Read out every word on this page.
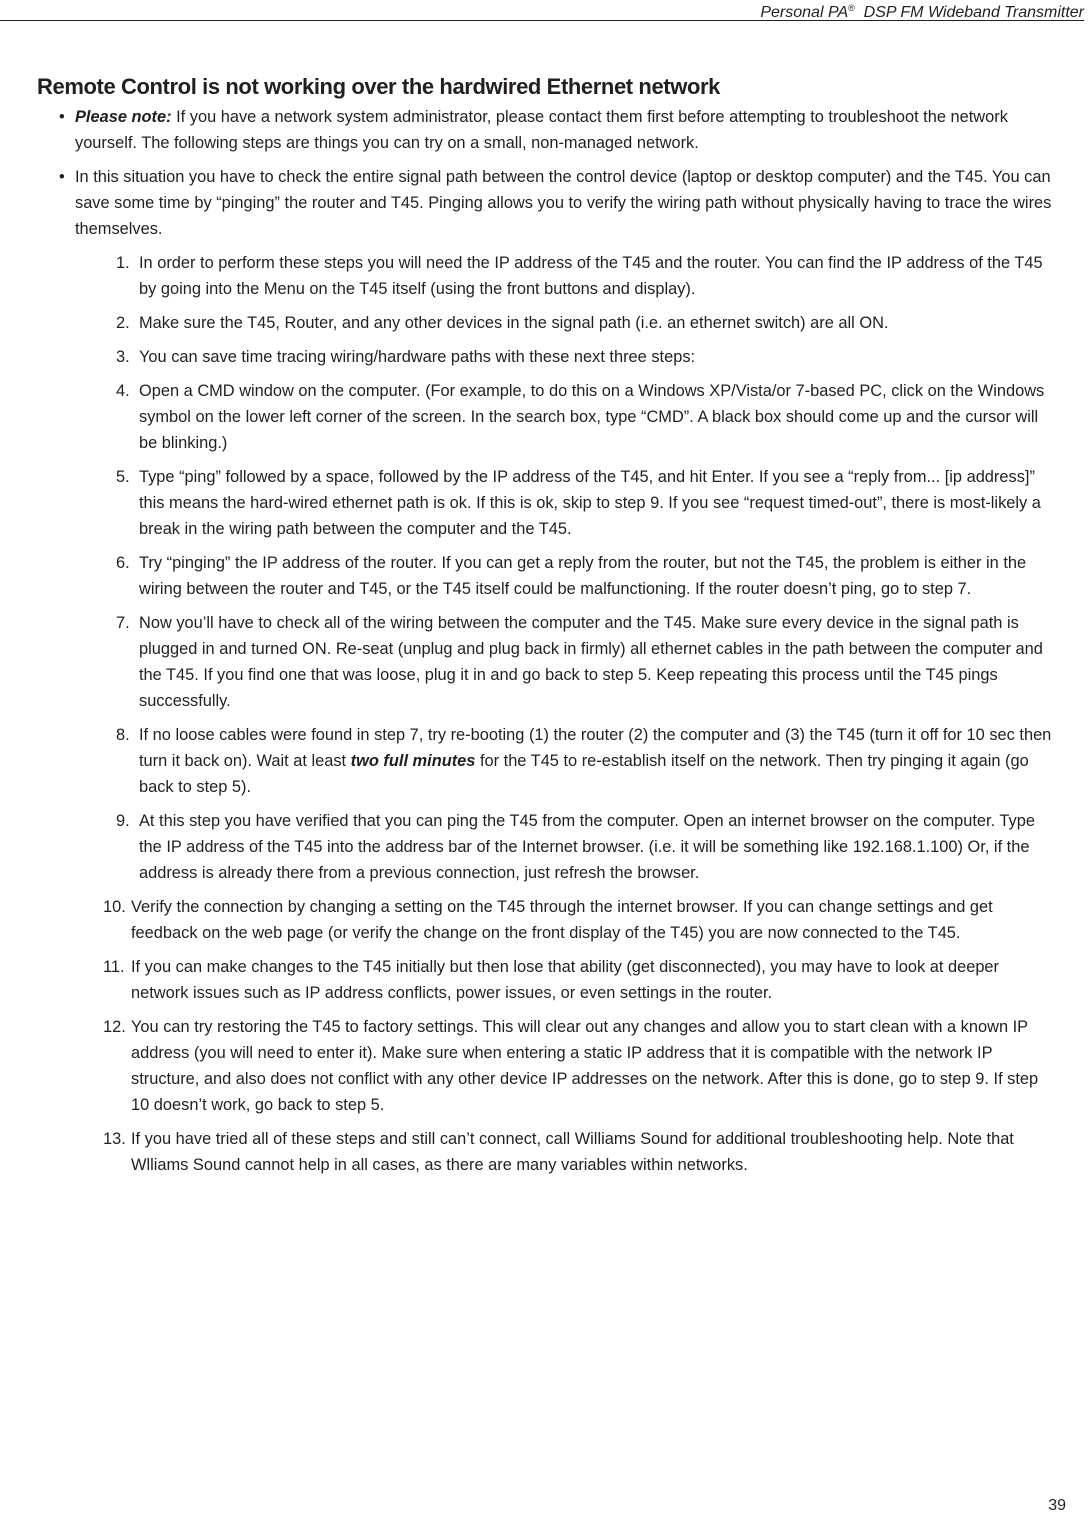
Personal PA® DSP FM Wideband Transmitter
Remote Control is not working over the hardwired Ethernet network
• Please note: If you have a network system administrator, please contact them first before attempting to troubleshoot the network yourself. The following steps are things you can try on a small, non-managed network.
• In this situation you have to check the entire signal path between the control device (laptop or desktop computer) and the T45. You can save some time by “pinging” the router and T45. Pinging allows you to verify the wiring path without physically having to trace the wires themselves.
1. In order to perform these steps you will need the IP address of the T45 and the router. You can find the IP address of the T45 by going into the Menu on the T45 itself (using the front buttons and display).
2. Make sure the T45, Router, and any other devices in the signal path (i.e. an ethernet switch) are all ON.
3. You can save time tracing wiring/hardware paths with these next three steps:
4. Open a CMD window on the computer. (For example, to do this on a Windows XP/Vista/or 7-based PC, click on the Windows symbol on the lower left corner of the screen. In the search box, type “CMD”. A black box should come up and the cursor will be blinking.)
5. Type “ping” followed by a space, followed by the IP address of the T45, and hit Enter. If you see a “reply from... [ip address]” this means the hard-wired ethernet path is ok. If this is ok, skip to step 9. If you see “request timed-out”, there is most-likely a break in the wiring path between the computer and the T45.
6. Try “pinging” the IP address of the router. If you can get a reply from the router, but not the T45, the problem is either in the wiring between the router and T45, or the T45 itself could be malfunctioning. If the router doesn’t ping, go to step 7.
7. Now you’ll have to check all of the wiring between the computer and the T45. Make sure every device in the signal path is plugged in and turned ON. Re-seat (unplug and plug back in firmly) all ethernet cables in the path between the computer and the T45. If you find one that was loose, plug it in and go back to step 5. Keep repeating this process until the T45 pings successfully.
8. If no loose cables were found in step 7, try re-booting (1) the router (2) the computer and (3) the T45 (turn it off for 10 sec then turn it back on). Wait at least two full minutes for the T45 to re-establish itself on the network. Then try pinging it again (go back to step 5).
9. At this step you have verified that you can ping the T45 from the computer. Open an internet browser on the computer. Type the IP address of the T45 into the address bar of the Internet browser. (i.e. it will be something like 192.168.1.100) Or, if the address is already there from a previous connection, just refresh the browser.
10. Verify the connection by changing a setting on the T45 through the internet browser. If you can change settings and get feedback on the web page (or verify the change on the front display of the T45) you are now connected to the T45.
11. If you can make changes to the T45 initially but then lose that ability (get disconnected), you may have to look at deeper network issues such as IP address conflicts, power issues, or even settings in the router.
12. You can try restoring the T45 to factory settings. This will clear out any changes and allow you to start clean with a known IP address (you will need to enter it). Make sure when entering a static IP address that it is compatible with the network IP structure, and also does not conflict with any other device IP addresses on the network. After this is done, go to step 9. If step 10 doesn’t work, go back to step 5.
13. If you have tried all of these steps and still can’t connect, call Williams Sound for additional troubleshooting help. Note that Wlliams Sound cannot help in all cases, as there are many variables within networks.
39
